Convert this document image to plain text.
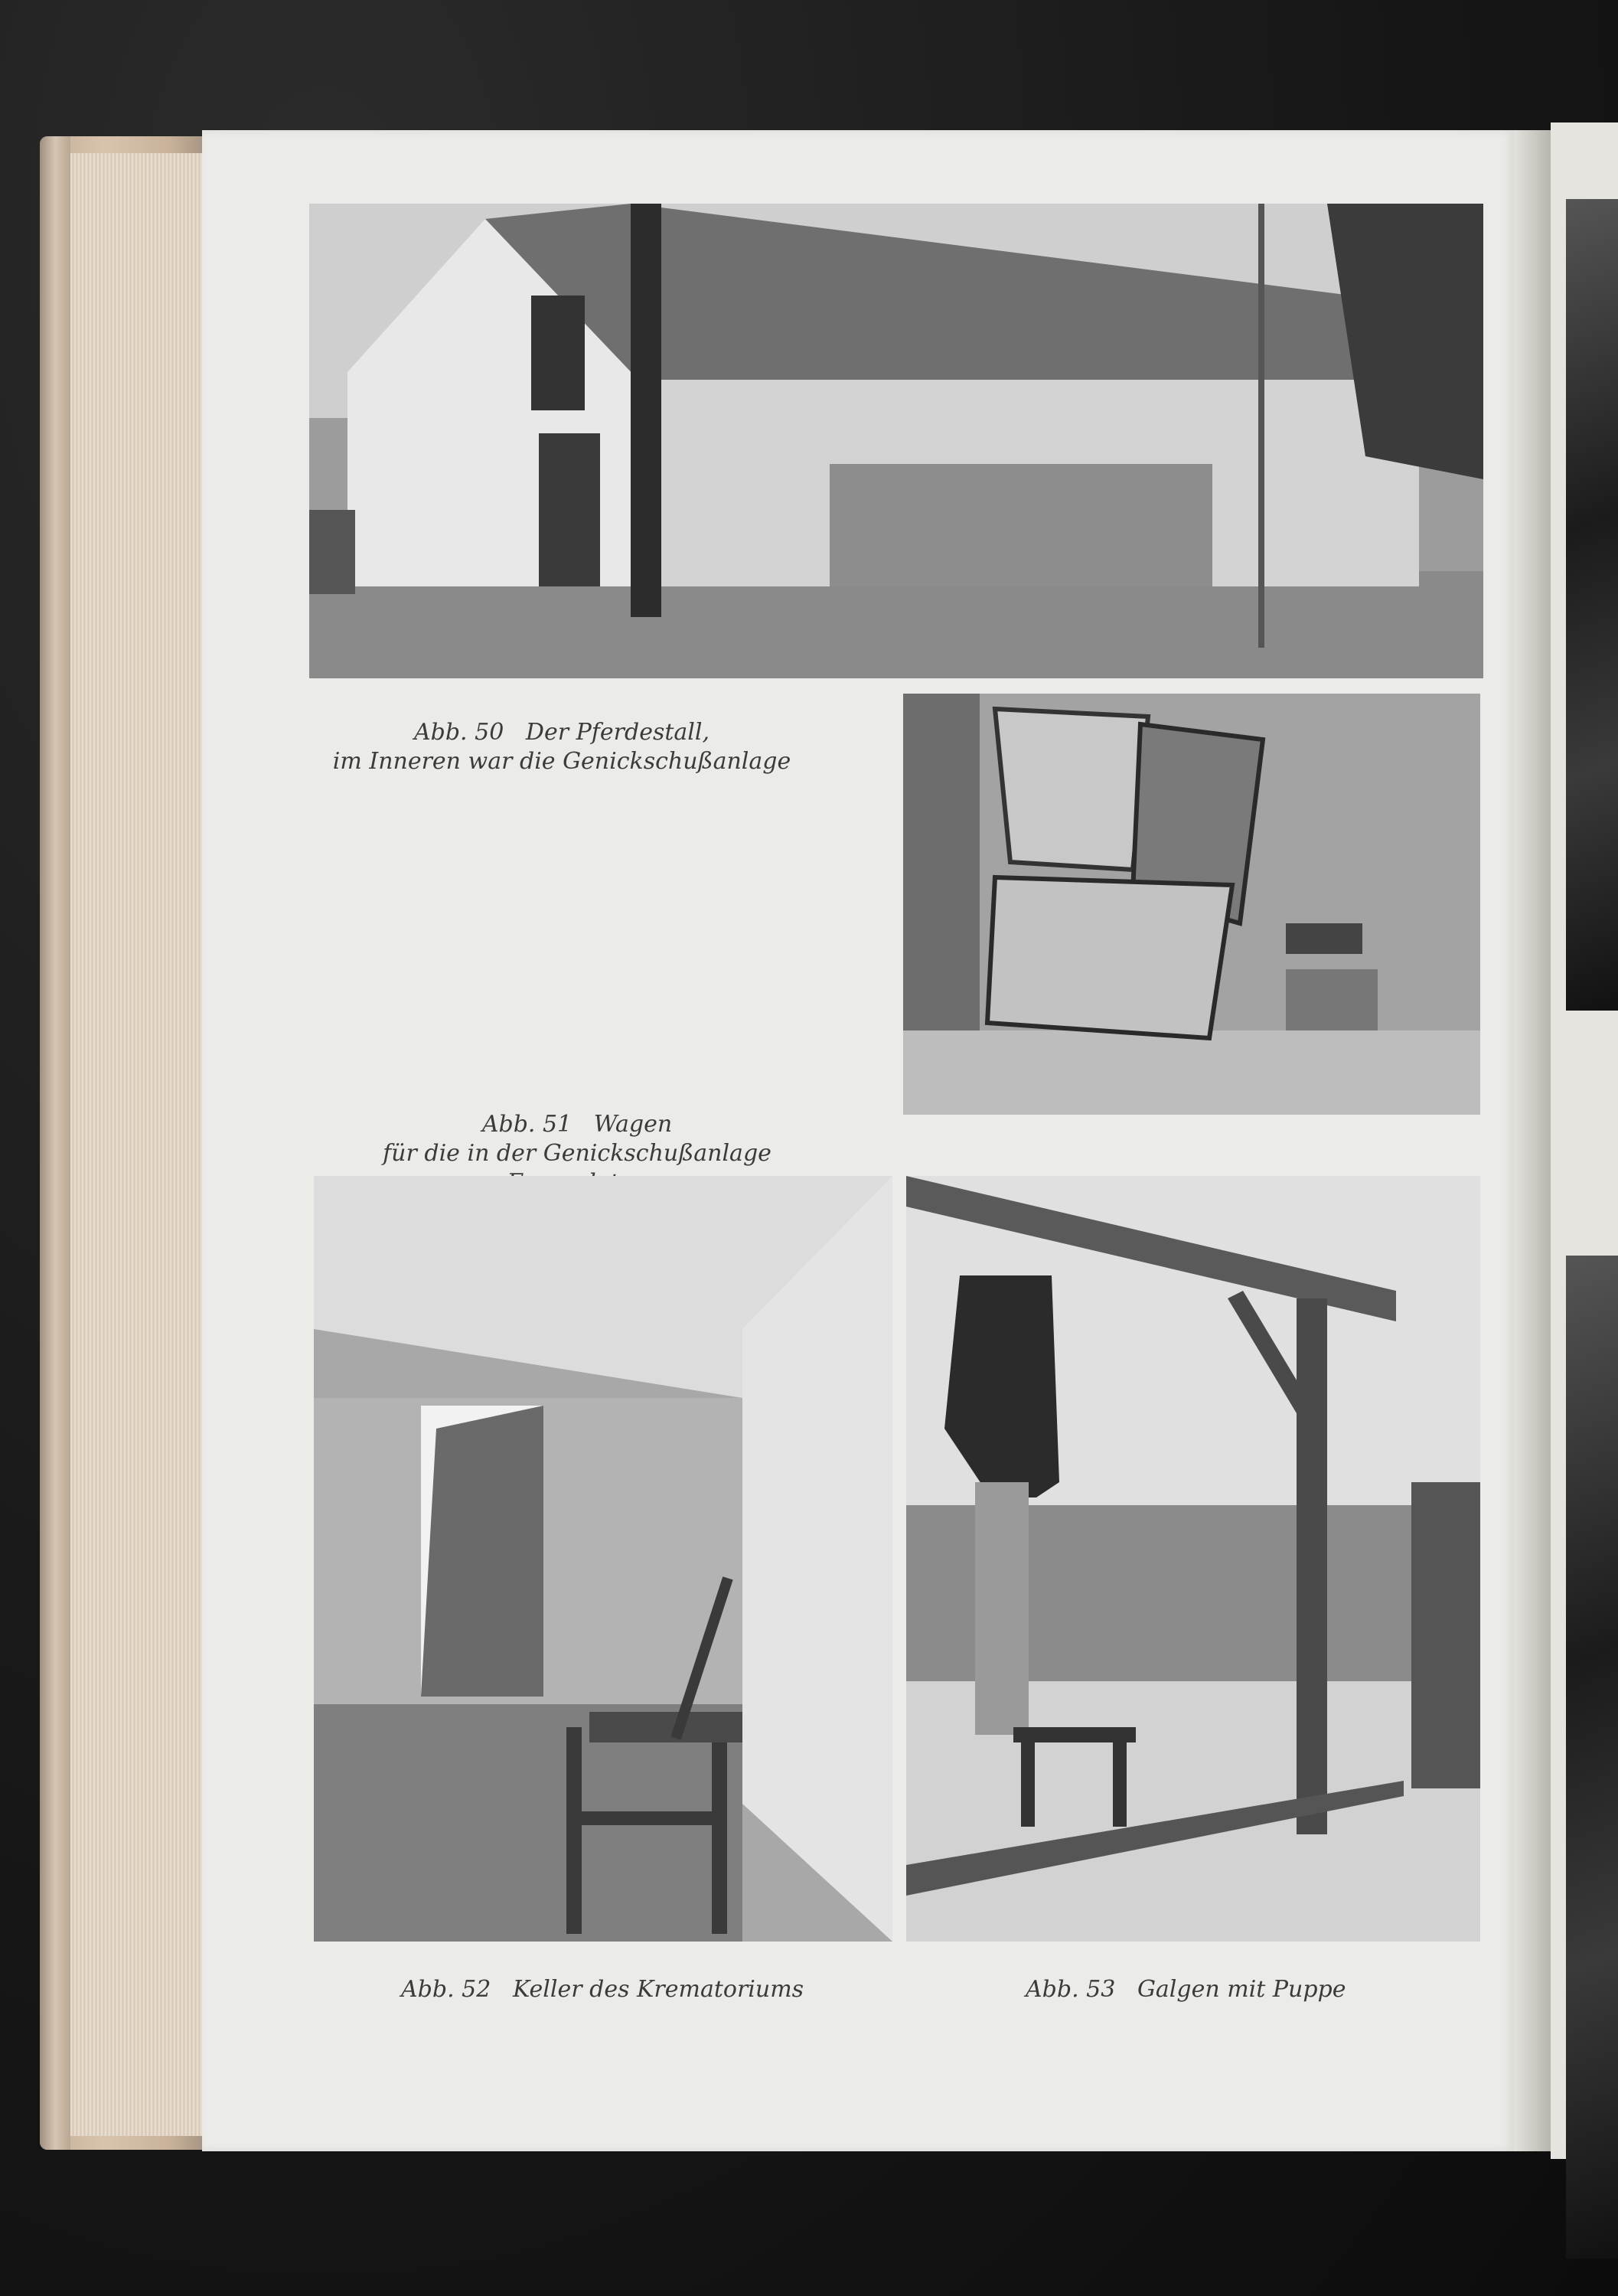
Abb. 50 Der Pferdestall,
im Inneren war die Genickschußanlage
Abb. 51 Wagen
für die in der Genickschußanlage
Abb. 52 Keller des Krematoriums	Abb. 53 Galgen mit Puppe
